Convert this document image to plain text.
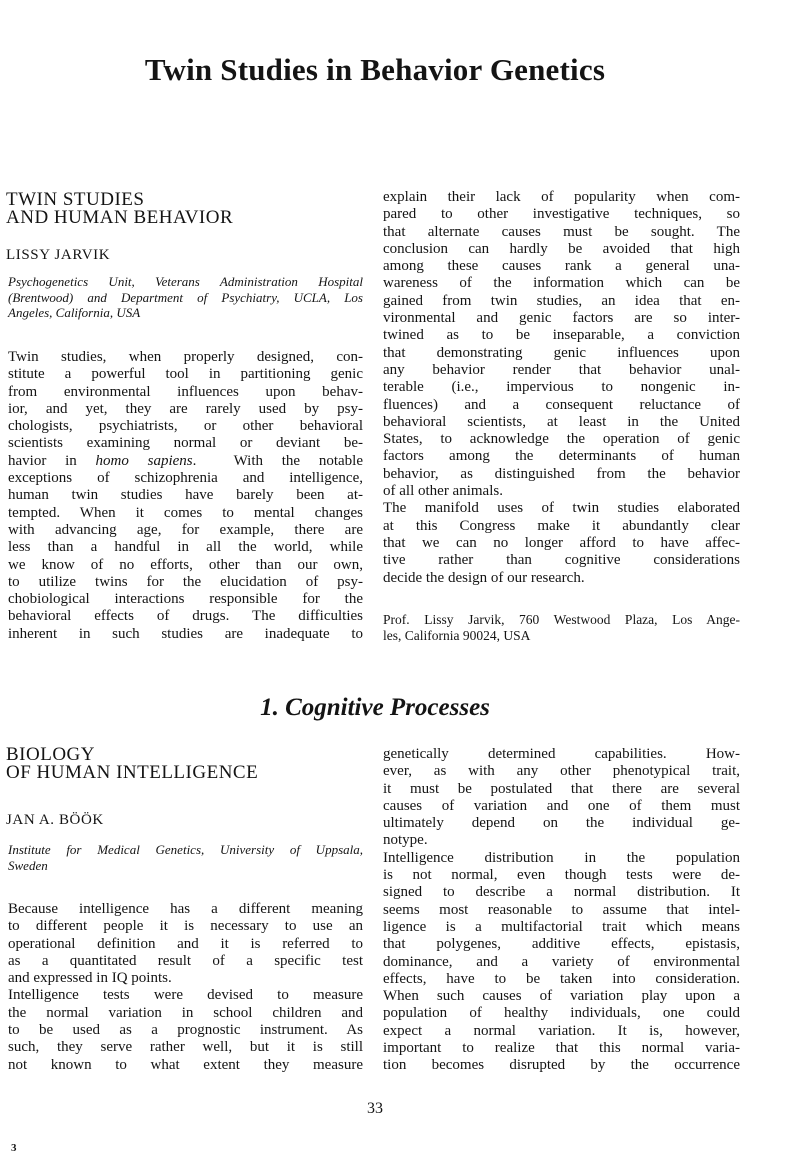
Twin Studies in Behavior Genetics
TWIN STUDIES
AND HUMAN BEHAVIOR
LISSY JARVIK
Psychogenetics Unit, Veterans Administration Hospital
(Brentwood) and Department of Psychiatry, UCLA, Los
Angeles, California, USA
Twin studies, when properly designed, con-
stitute a powerful tool in partitioning genic
from environmental influences upon behav-
ior, and yet, they are rarely used by psy-
chologists, psychiatrists, or other behavioral
scientists examining normal or deviant be-
havior in homo sapiens.  With the notable
exceptions of schizophrenia and intelligence,
human twin studies have barely been at-
tempted. When it comes to mental changes
with advancing age, for example, there are
less than a handful in all the world, while
we know of no efforts, other than our own,
to utilize twins for the elucidation of psy-
chobiological interactions responsible for the
behavioral effects of drugs. The difficulties
inherent in such studies are inadequate to
explain their lack of popularity when com-
pared to other investigative techniques, so
that alternate causes must be sought. The
conclusion can hardly be avoided that high
among these causes rank a general una-
wareness of the information which can be
gained from twin studies, an idea that en-
vironmental and genic factors are so inter-
twined as to be inseparable, a conviction
that demonstrating genic influences upon
any behavior render that behavior unal-
terable (i.e., impervious to nongenic in-
fluences) and a consequent reluctance of
behavioral scientists, at least in the United
States, to acknowledge the operation of genic
factors among the determinants of human
behavior, as distinguished from the behavior
of all other animals.
The manifold uses of twin studies elaborated
at this Congress make it abundantly clear
that we can no longer afford to have affec-
tive rather than cognitive considerations
decide the design of our research.
Prof. Lissy Jarvik, 760 Westwood Plaza, Los Ange-
les, California 90024, USA
1. Cognitive Processes
BIOLOGY
OF HUMAN INTELLIGENCE
JAN A. BÖÖK
Institute for Medical Genetics, University of Uppsala,
Sweden
Because intelligence has a different meaning
to different people it is necessary to use an
operational definition and it is referred to
as a quantitated result of a specific test
and expressed in IQ points.
Intelligence tests were devised to measure
the normal variation in school children and
to be used as a prognostic instrument. As
such, they serve rather well, but it is still
not known to what extent they measure
genetically determined capabilities. How-
ever, as with any other phenotypical trait,
it must be postulated that there are several
causes of variation and one of them must
ultimately depend on the individual ge-
notype.
Intelligence distribution in the population
is not normal, even though tests were de-
signed to describe a normal distribution. It
seems most reasonable to assume that intel-
ligence is a multifactorial trait which means
that polygenes, additive effects, epistasis,
dominance, and a variety of environmental
effects, have to be taken into consideration.
When such causes of variation play upon a
population of healthy individuals, one could
expect a normal variation. It is, however,
important to realize that this normal varia-
tion becomes disrupted by the occurrence
33
3
